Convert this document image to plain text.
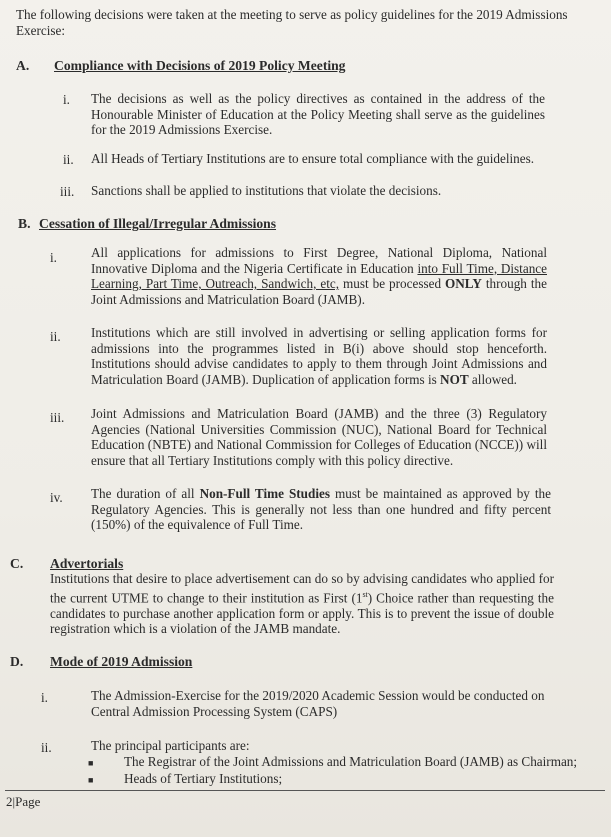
The following decisions were taken at the meeting to serve as policy guidelines for the 2019 Admissions Exercise:
A. Compliance with Decisions of 2019 Policy Meeting
i. The decisions as well as the policy directives as contained in the address of the Honourable Minister of Education at the Policy Meeting shall serve as the guidelines for the 2019 Admissions Exercise.
ii. All Heads of Tertiary Institutions are to ensure total compliance with the guidelines.
iii. Sanctions shall be applied to institutions that violate the decisions.
B. Cessation of Illegal/Irregular Admissions
i.	All applications for admissions to First Degree, National Diploma, National Innovative Diploma and the Nigeria Certificate in Education into Full Time, Distance Learning, Part Time, Outreach, Sandwich, etc, must be processed ONLY through the Joint Admissions and Matriculation Board (JAMB).
ii. Institutions which are still involved in advertising or selling application forms for admissions into the programmes listed in B(i) above should stop henceforth. Institutions should advise candidates to apply to them through Joint Admissions and Matriculation Board (JAMB). Duplication of application forms is NOT allowed.
iii. Joint Admissions and Matriculation Board (JAMB) and the three (3) Regulatory Agencies (National Universities Commission (NUC), National Board for Technical Education (NBTE) and National Commission for Colleges of Education (NCCE)) will ensure that all Tertiary Institutions comply with this policy directive.
iv. The duration of all Non-Full Time Studies must be maintained as approved by the Regulatory Agencies. This is generally not less than one hundred and fifty percent (150%) of the equivalence of Full Time.
C. Advertorials
Institutions that desire to place advertisement can do so by advising candidates who applied for the current UTME to change to their institution as First (1st) Choice rather than requesting the candidates to purchase another application form or apply. This is to prevent the issue of double registration which is a violation of the JAMB mandate.
D. Mode of 2019 Admission
i.	The Admission-Exercise for the 2019/2020 Academic Session would be conducted on Central Admission Processing System (CAPS)
ii.	The principal participants are:
■ The Registrar of the Joint Admissions and Matriculation Board (JAMB) as Chairman;
■ Heads of Tertiary Institutions;
2|Page
